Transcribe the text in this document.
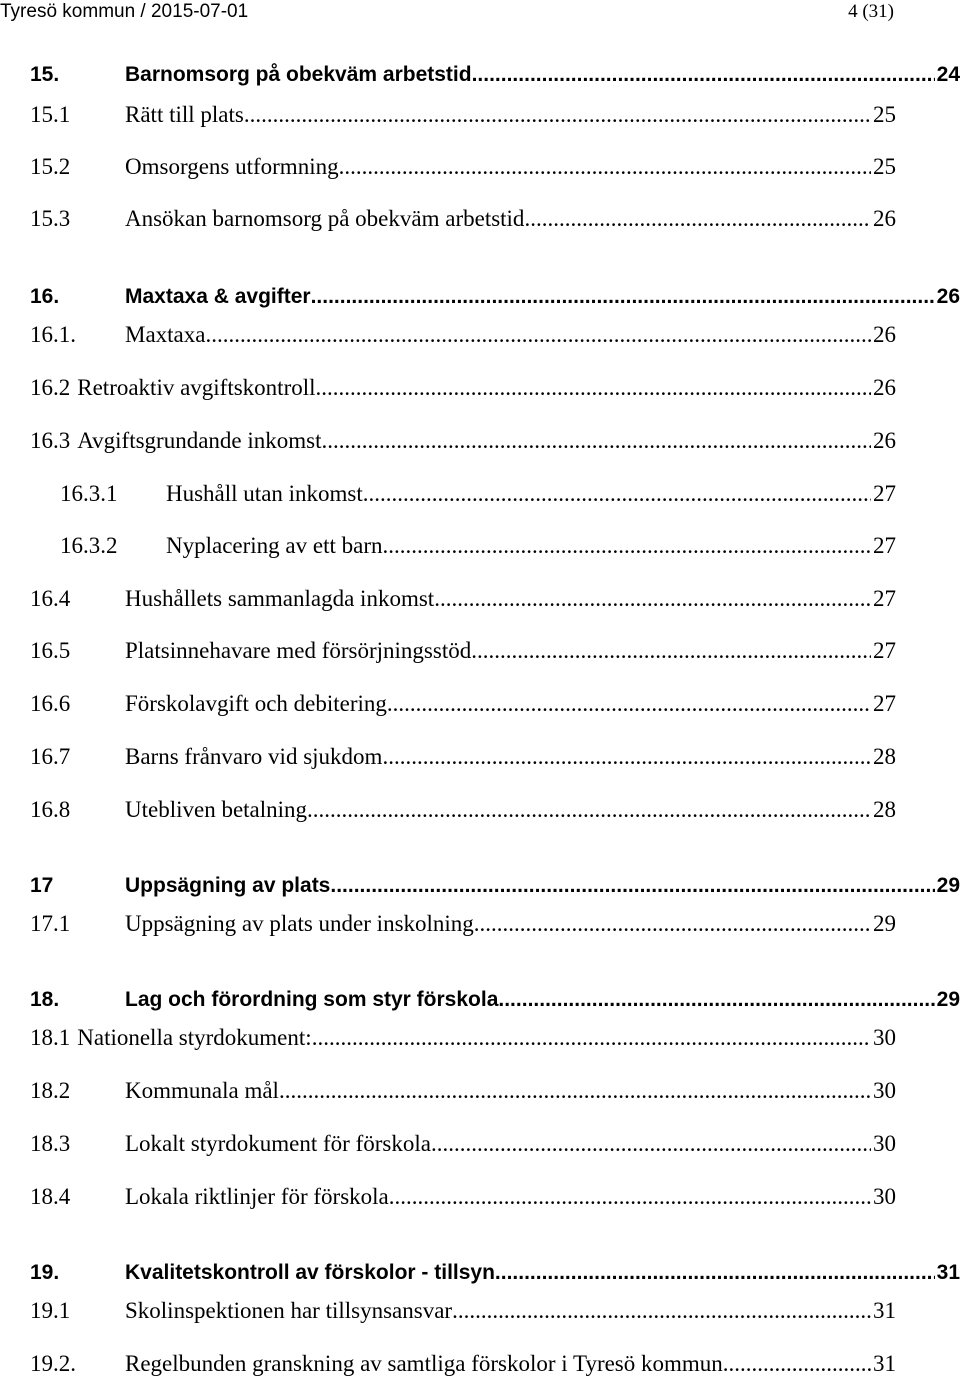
Tyresö kommun / 2015-07-01	4 (31)
15.	Barnomsorg på obekväm arbetstid .....	24
15.1	Rätt till plats .....	25
15.2	Omsorgens utformning .....	25
15.3	Ansökan barnomsorg på obekväm arbetstid .....	26
16.	Maxtaxa & avgifter .....	26
16.1.	Maxtaxa .....	26
16.2 Retroaktiv avgiftskontroll .....	26
16.3 Avgiftsgrundande inkomst .....	26
16.3.1	Hushåll utan inkomst .....	27
16.3.2	Nyplacering av ett barn .....	27
16.4	Hushållets sammanlagda inkomst .....	27
16.5	Platsinnehavare med försörjningsstöd .....	27
16.6	Förskolavgift och debitering .....	27
16.7	Barns frånvaro vid sjukdom .....	28
16.8	Utebliven betalning .....	28
17	Uppsägning av plats .....	29
17.1	Uppsägning av plats under inskolning .....	29
18.	Lag och förordning som styr förskola .....	29
18.1 Nationella styrdokument: .....	30
18.2	Kommunala mål .....	30
18.3	Lokalt styrdokument för förskola .....	30
18.4	Lokala riktlinjer för förskola .....	30
19.	Kvalitetskontroll av förskolor - tillsyn .....	31
19.1	Skolinspektionen har tillsynsansvar .....	31
19.2.	Regelbunden granskning av samtliga förskolor i Tyresö kommun .....	31
